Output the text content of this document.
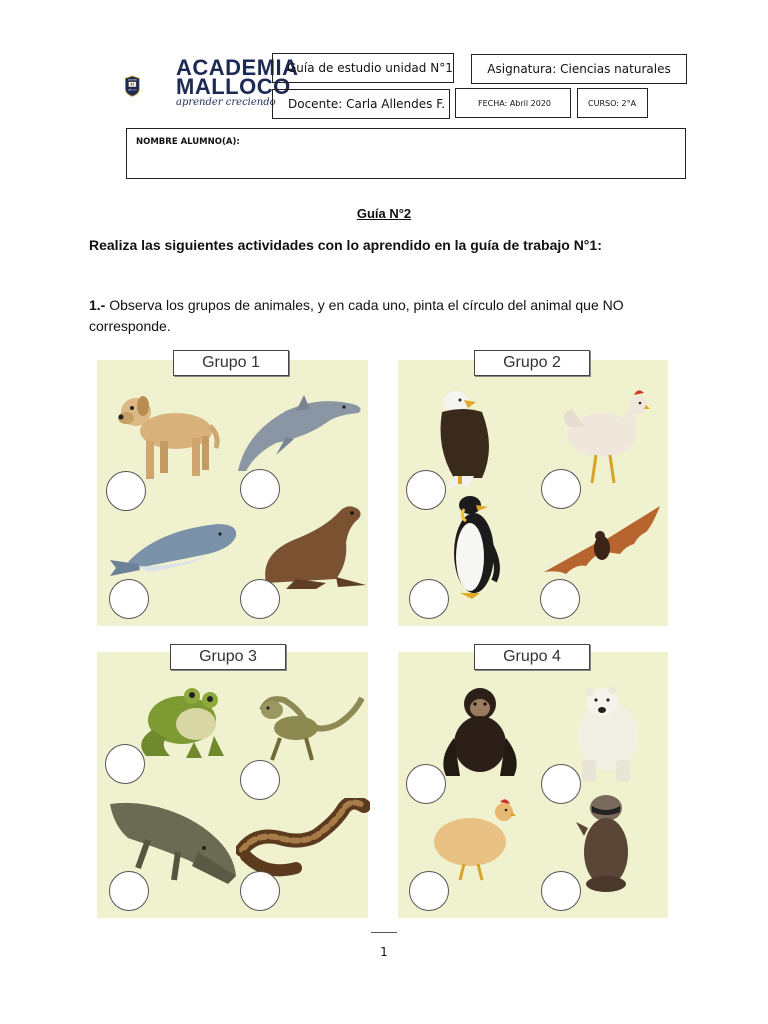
42
ACADEMIA
MALLOCO
ACADEMIA
MALLOCO
aprender creciendo
Guía de estudio unidad N°1	Asignatura: Ciencias naturales
Docente: Carla Allendes F.	FECHA: Abril 2020	CURSO: 2°A
NOMBRE ALUMNO(A):
Guía N°2
Realiza las siguientes actividades con lo aprendido en la guía de trabajo N°1:
1.- Observa los grupos de animales, y en cada uno, pinta el círculo del animal que NO corresponde.
Grupo 1	Grupo 2
Grupo 3	Grupo 4
1
